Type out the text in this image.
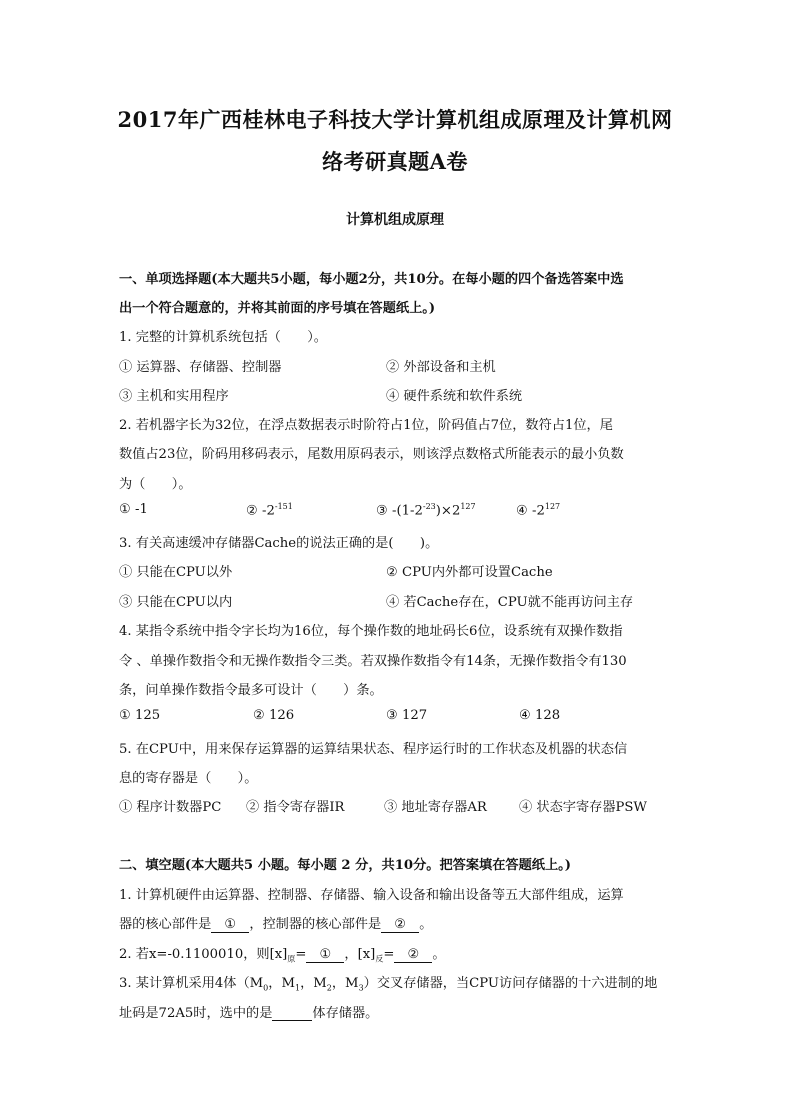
2017年广西桂林电子科技大学计算机组成原理及计算机网
络考研真题A卷
计算机组成原理
一、单项选择题(本大题共5小题，每小题2分，共10分。在每小题的四个备选答案中选
出一个符合题意的，并将其前面的序号填在答题纸上。)
1. 完整的计算机系统包括（　　）。
① 运算器、存储器、控制器	② 外部设备和主机
③ 主机和实用程序	④ 硬件系统和软件系统
2. 若机器字长为32位，在浮点数据表示时阶符占1位，阶码值占7位，数符占1位，尾
数值占23位，阶码用移码表示，尾数用原码表示，则该浮点数格式所能表示的最小负数
为（　　）。
① -1	② $-2^{-151}$	③ $-(1-2^{-23})\times 2^{127}$	④ $-2^{127}$
3. 有关高速缓冲存储器Cache的说法正确的是(　　)。
① 只能在CPU以外	② CPU内外都可设置Cache
③ 只能在CPU以内	④ 若Cache存在，CPU就不能再访问主存
4. 某指令系统中指令字长均为16位，每个操作数的地址码长6位，设系统有双操作数指
令 、单操作数指令和无操作数指令三类。若双操作数指令有14条，无操作数指令有130
条，问单操作数指令最多可设计（　　）条。
① 125	② 126	③ 127	④ 128
5. 在CPU中，用来保存运算器的运算结果状态、程序运行时的工作状态及机器的状态信
息的寄存器是（　　）。
① 程序计数器PC ② 指令寄存器IR	③ 地址寄存器AR ④ 状态字寄存器PSW
二、填空题(本大题共5 小题。每小题 2 分，共10分。把答案填在答题纸上。)
1. 计算机硬件由运算器、控制器、存储器、输入设备和输出设备等五大部件组成，运算
器的核心部件是 ① ，控制器的核心部件是 ② 。
2. 若x=-0.1100010，则$[x]_原=$ ① ，$[x]_反=$ ② 。
3. 某计算机采用4体（$M_0$，$M_1$，$M_2$，$M_3$）交叉存储器，当CPU访问存储器的十六进制的地
址码是72A5时，选中的是	体存储器。
